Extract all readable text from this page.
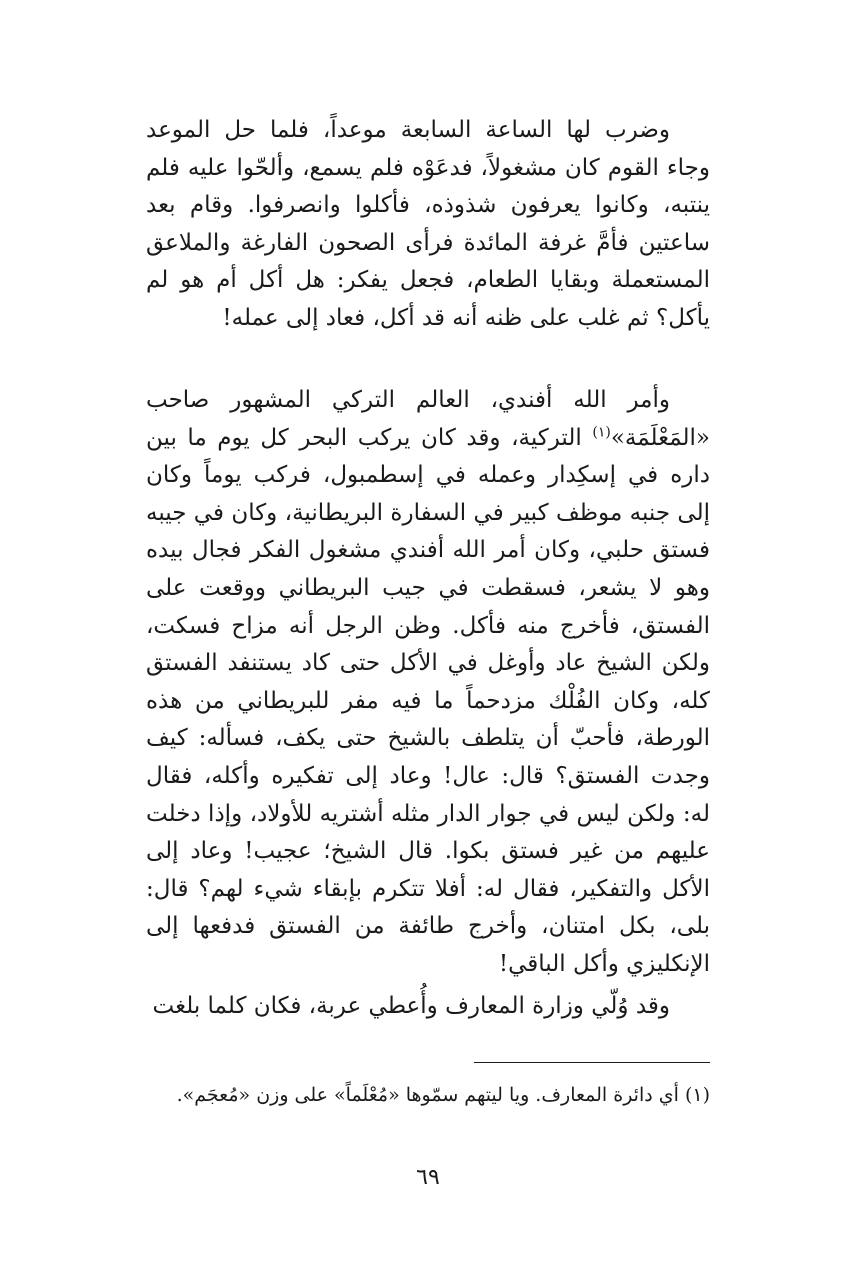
وضرب لها الساعة السابعة موعداً، فلما حل الموعد وجاء القوم كان مشغولاً، فدعَوْه فلم يسمع، وألحّوا عليه فلم ينتبه، وكانوا يعرفون شذوذه، فأكلوا وانصرفوا. وقام بعد ساعتين فأمَّ غرفة المائدة فرأى الصحون الفارغة والملاعق المستعملة وبقايا الطعام، فجعل يفكر: هل أكل أم هو لم يأكل؟ ثم غلب على ظنه أنه قد أكل، فعاد إلى عمله!

وأمر الله أفندي، العالم التركي المشهور صاحب «المَعْلَمَة»$^{(١)}$ التركية، وقد كان يركب البحر كل يوم ما بين داره في إسكِدار وعمله في إسطمبول، فركب يوماً وكان إلى جنبه موظف كبير في السفارة البريطانية، وكان في جيبه فستق حلبي، وكان أمر الله أفندي مشغول الفكر فجال بيده وهو لا يشعر، فسقطت في جيب البريطاني ووقعت على الفستق، فأخرج منه فأكل. وظن الرجل أنه مزاح فسكت، ولكن الشيخ عاد وأوغل في الأكل حتى كاد يستنفد الفستق كله، وكان الفُلْك مزدحماً ما فيه مفر للبريطاني من هذه الورطة، فأحبّ أن يتلطف بالشيخ حتى يكف، فسأله: كيف وجدت الفستق؟ قال: عال! وعاد إلى تفكيره وأكله، فقال له: ولكن ليس في جوار الدار مثله أشتريه للأولاد، وإذا دخلت عليهم من غير فستق بكوا. قال الشيخ؛ عجيب! وعاد إلى الأكل والتفكير، فقال له: أفلا تتكرم بإبقاء شيء لهم؟ قال: بلى، بكل امتنان، وأخرج طائفة من الفستق فدفعها إلى الإنكليزي وأكل الباقي!

وقد وُلّي وزارة المعارف وأُعطي عربة، فكان كلما بلغت

(١) أي دائرة المعارف. ويا ليتهم سمّوها «مُعْلَماً» على وزن «مُعجَم».
٦٩
